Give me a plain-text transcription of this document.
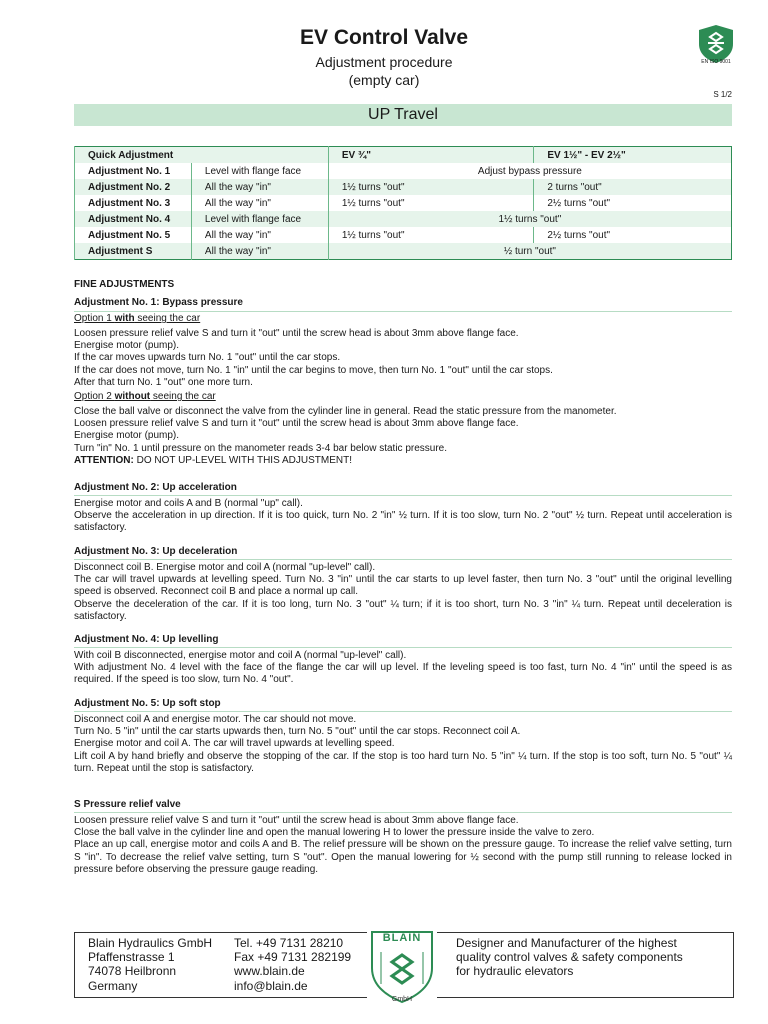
EV Control Valve
Adjustment procedure
(empty car)
EN ISO 9001
S 1/2
UP Travel
Quick Adjustment		EV ¾"	EV 1½" - EV 2½"
Adjustment No. 1	Level with flange face	Adjust bypass pressure	
Adjustment No. 2	All the way "in"	1½ turns "out"	2 turns "out"
Adjustment No. 3	All the way "in"	1½ turns "out"	2½ turns "out"
Adjustment No. 4	Level with flange face	1½ turns "out"	
Adjustment No. 5	All the way "in"	1½ turns "out"	2½ turns "out"
Adjustment S	All the way "in"	½ turn "out"	
FINE ADJUSTMENTS
Adjustment No. 1: Bypass pressure
Option 1 with seeing the car
Loosen pressure relief valve S and turn it "out" until the screw head is about 3mm above flange face.
Energise motor (pump).
If the car moves upwards turn No. 1 "out" until the car stops.
If the car does not move, turn No. 1 "in" until the car begins to move, then turn No. 1 "out" until the car stops.
After that turn No. 1 "out" one more turn.
Option 2 without seeing the car
Close the ball valve or disconnect the valve from the cylinder line in general. Read the static pressure from the manometer.
Loosen pressure relief valve S and turn it "out" until the screw head is about 3mm above flange face.
Energise motor (pump).
Turn "in" No. 1 until pressure on the manometer reads 3-4 bar below static pressure.
ATTENTION: DO NOT UP-LEVEL WITH THIS ADJUSTMENT!
Adjustment No. 2: Up acceleration
Energise motor and coils A and B (normal "up" call).
Observe the acceleration in up direction. If it is too quick, turn No. 2 "in" ½ turn. If it is too slow, turn No. 2 "out" ½ turn. Repeat until acceleration is satisfactory.
Adjustment No. 3: Up deceleration
Disconnect coil B. Energise motor and coil A (normal "up-level" call).
The car will travel upwards at levelling speed. Turn No. 3 "in" until the car starts to up level faster, then turn No. 3 "out" until the original levelling speed is observed. Reconnect coil B and place a normal up call.
Observe the deceleration of the car. If it is too long, turn No. 3 "out" ¼ turn; if it is too short, turn No. 3 "in" ¼ turn. Repeat until deceleration is satisfactory.
Adjustment No. 4: Up levelling
With coil B disconnected, energise motor and coil A (normal "up-level" call).
With adjustment No. 4 level with the face of the flange the car will up level. If the leveling speed is too fast, turn No. 4 "in" until the speed is as required. If the speed is too slow, turn No. 4 "out".
Adjustment No. 5: Up soft stop
Disconnect coil A and energise motor. The car should not move.
Turn No. 5 "in" until the car starts upwards then, turn No. 5 "out" until the car stops. Reconnect coil A.
Energise motor and coil A. The car will travel upwards at levelling speed.
Lift coil A by hand briefly and observe the stopping of the car. If the stop is too hard turn No. 5 "in" ¼ turn. If the stop is too soft, turn No. 5 "out" ¼ turn. Repeat until the stop is satisfactory.
S Pressure relief valve
Loosen pressure relief valve S and turn it "out" until the screw head is about 3mm above flange face.
Close the ball valve in the cylinder line and open the manual lowering H to lower the pressure inside the valve to zero.
Place an up call, energise motor and coils A and B. The relief pressure will be shown on the pressure gauge. To increase the relief valve setting, turn S "in". To decrease the relief valve setting, turn S "out". Open the manual lowering for ½ second with the pump still running to release locked in pressure before observing the pressure gauge reading.
Blain Hydraulics GmbH
Pfaffenstrasse 1
74078 Heilbronn
Germany
Tel. +49 7131 28210
Fax +49 7131 282199
www.blain.de
info@blain.de
BLAIN
GmbH
Designer and Manufacturer of the highest
quality control valves & safety components
for hydraulic elevators
